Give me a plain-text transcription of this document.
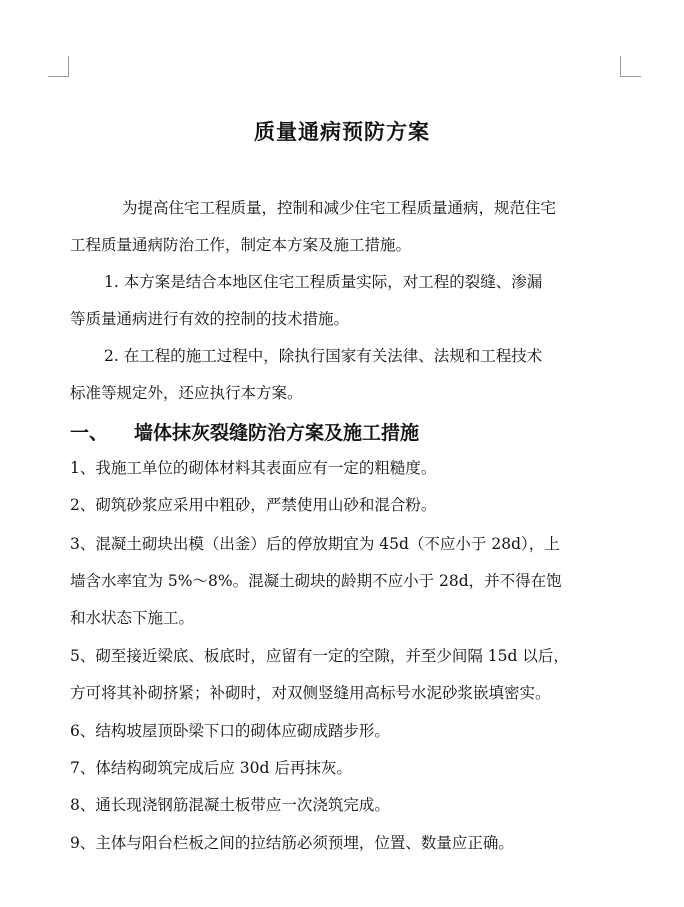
质量通病预防方案
为提高住宅工程质量，控制和减少住宅工程质量通病，规范住宅
工程质量通病防治工作，制定本方案及施工措施。
1. 本方案是结合本地区住宅工程质量实际，对工程的裂缝、渗漏
等质量通病进行有效的控制的技术措施。
2. 在工程的施工过程中，除执行国家有关法律、法规和工程技术
标准等规定外，还应执行本方案。
一、 墙体抹灰裂缝防治方案及施工措施
1、我施工单位的砌体材料其表面应有一定的粗糙度。
2、砌筑砂浆应采用中粗砂，严禁使用山砂和混合粉。
3、混凝土砌块出模（出釜）后的停放期宜为 45d（不应小于 28d），上
墙含水率宜为 5%～8%。混凝土砌块的龄期不应小于 28d，并不得在饱
和水状态下施工。
5、砌至接近梁底、板底时，应留有一定的空隙，并至少间隔 15d 以后，
方可将其补砌挤紧；补砌时，对双侧竖缝用高标号水泥砂浆嵌填密实。
6、结构坡屋顶卧梁下口的砌体应砌成踏步形。
7、体结构砌筑完成后应 30d 后再抹灰。
8、通长现浇钢筋混凝土板带应一次浇筑完成。
9、主体与阳台栏板之间的拉结筋必须预埋，位置、数量应正确。
